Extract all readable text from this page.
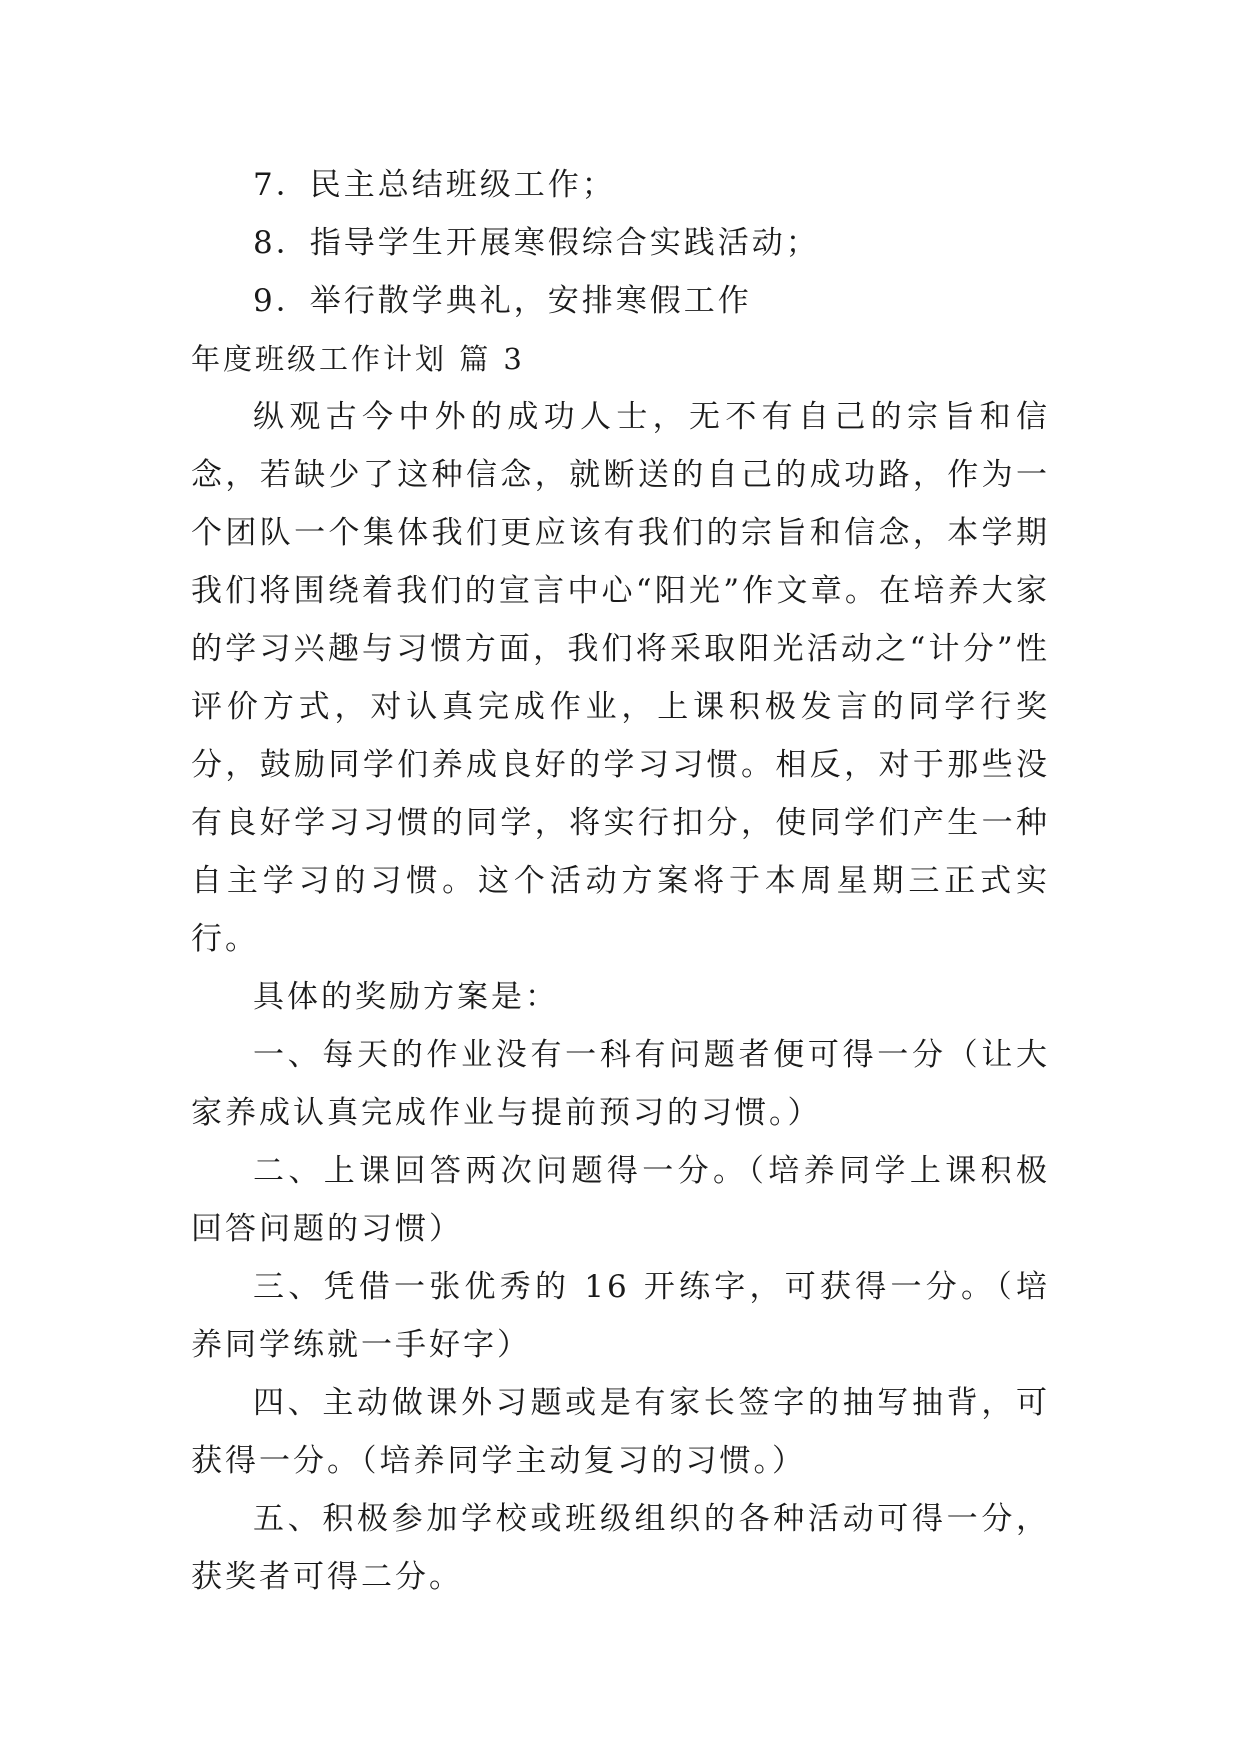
7．民主总结班级工作；
8．指导学生开展寒假综合实践活动；
9．举行散学典礼，安排寒假工作
年度班级工作计划 篇 3

纵观古今中外的成功人士，无不有自己的宗旨和信念，若缺少了这种信念，就断送的自己的成功路，作为一个团队一个集体我们更应该有我们的宗旨和信念，本学期我们将围绕着我们的宣言中心“阳光”作文章。在培养大家的学习兴趣与习惯方面，我们将采取阳光活动之“计分”性评价方式，对认真完成作业，上课积极发言的同学行奖分，鼓励同学们养成良好的学习习惯。相反，对于那些没有良好学习习惯的同学，将实行扣分，使同学们产生一种自主学习的习惯。这个活动方案将于本周星期三正式实行。

具体的奖励方案是：

一、每天的作业没有一科有问题者便可得一分（让大家养成认真完成作业与提前预习的习惯。）

二、上课回答两次问题得一分。（培养同学上课积极回答问题的习惯）

三、凭借一张优秀的 16 开练字，可获得一分。（培养同学练就一手好字）

四、主动做课外习题或是有家长签字的抽写抽背，可获得一分。（培养同学主动复习的习惯。）

五、积极参加学校或班级组织的各种活动可得一分，获奖者可得二分。
